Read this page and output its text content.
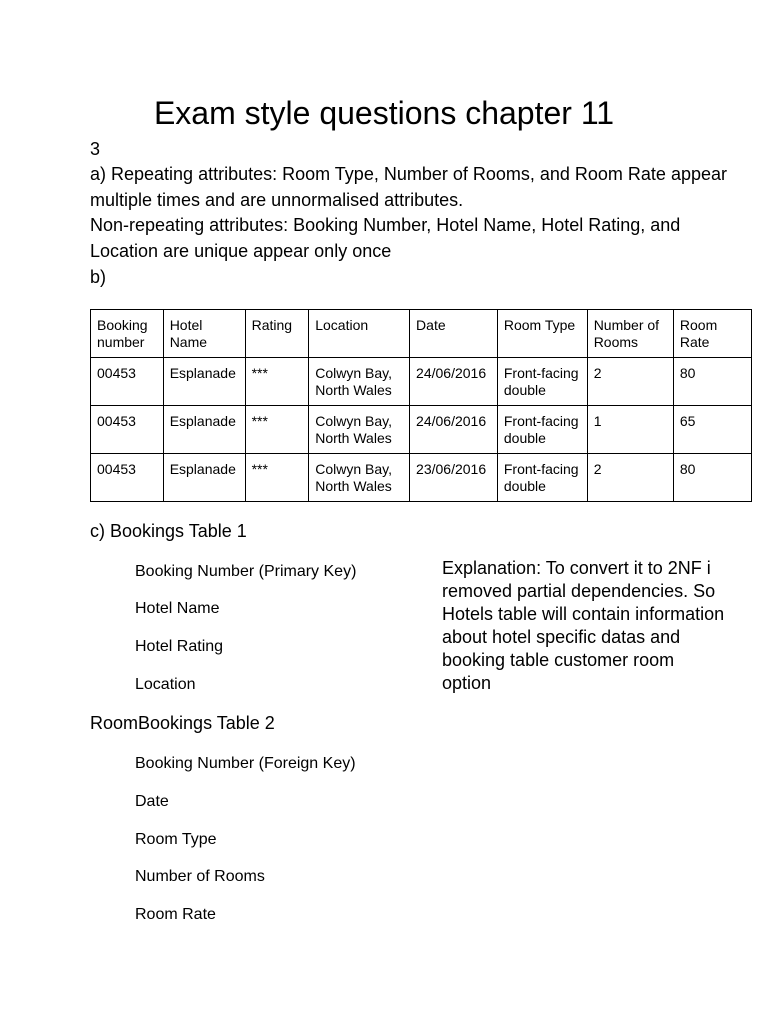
Exam style questions chapter 11
3

a) Repeating attributes: Room Type, Number of Rooms, and Room Rate appear multiple times and are unnormalised attributes.

Non-repeating attributes: Booking Number, Hotel Name, Hotel Rating, and Location are unique appear only once

b)
Booking number	Hotel Name	Rating	Location	Date	Room Type	Number of Rooms	Room Rate
00453	Esplanade	***	Colwyn Bay, North Wales	24/06/2016	Front-facing double	2	80
00453	Esplanade	***	Colwyn Bay, North Wales	24/06/2016	Front-facing double	1	65
00453	Esplanade	***	Colwyn Bay, North Wales	23/06/2016	Front-facing double	2	80
c) Bookings Table 1
Booking Number (Primary Key)
Hotel Name
Hotel Rating
Location
RoomBookings Table 2
Booking Number (Foreign Key)
Date
Room Type
Number of Rooms
Room Rate

Explanation: To convert it to 2NF i removed partial dependencies. So Hotels table will contain information about hotel specific datas and booking table customer room option
